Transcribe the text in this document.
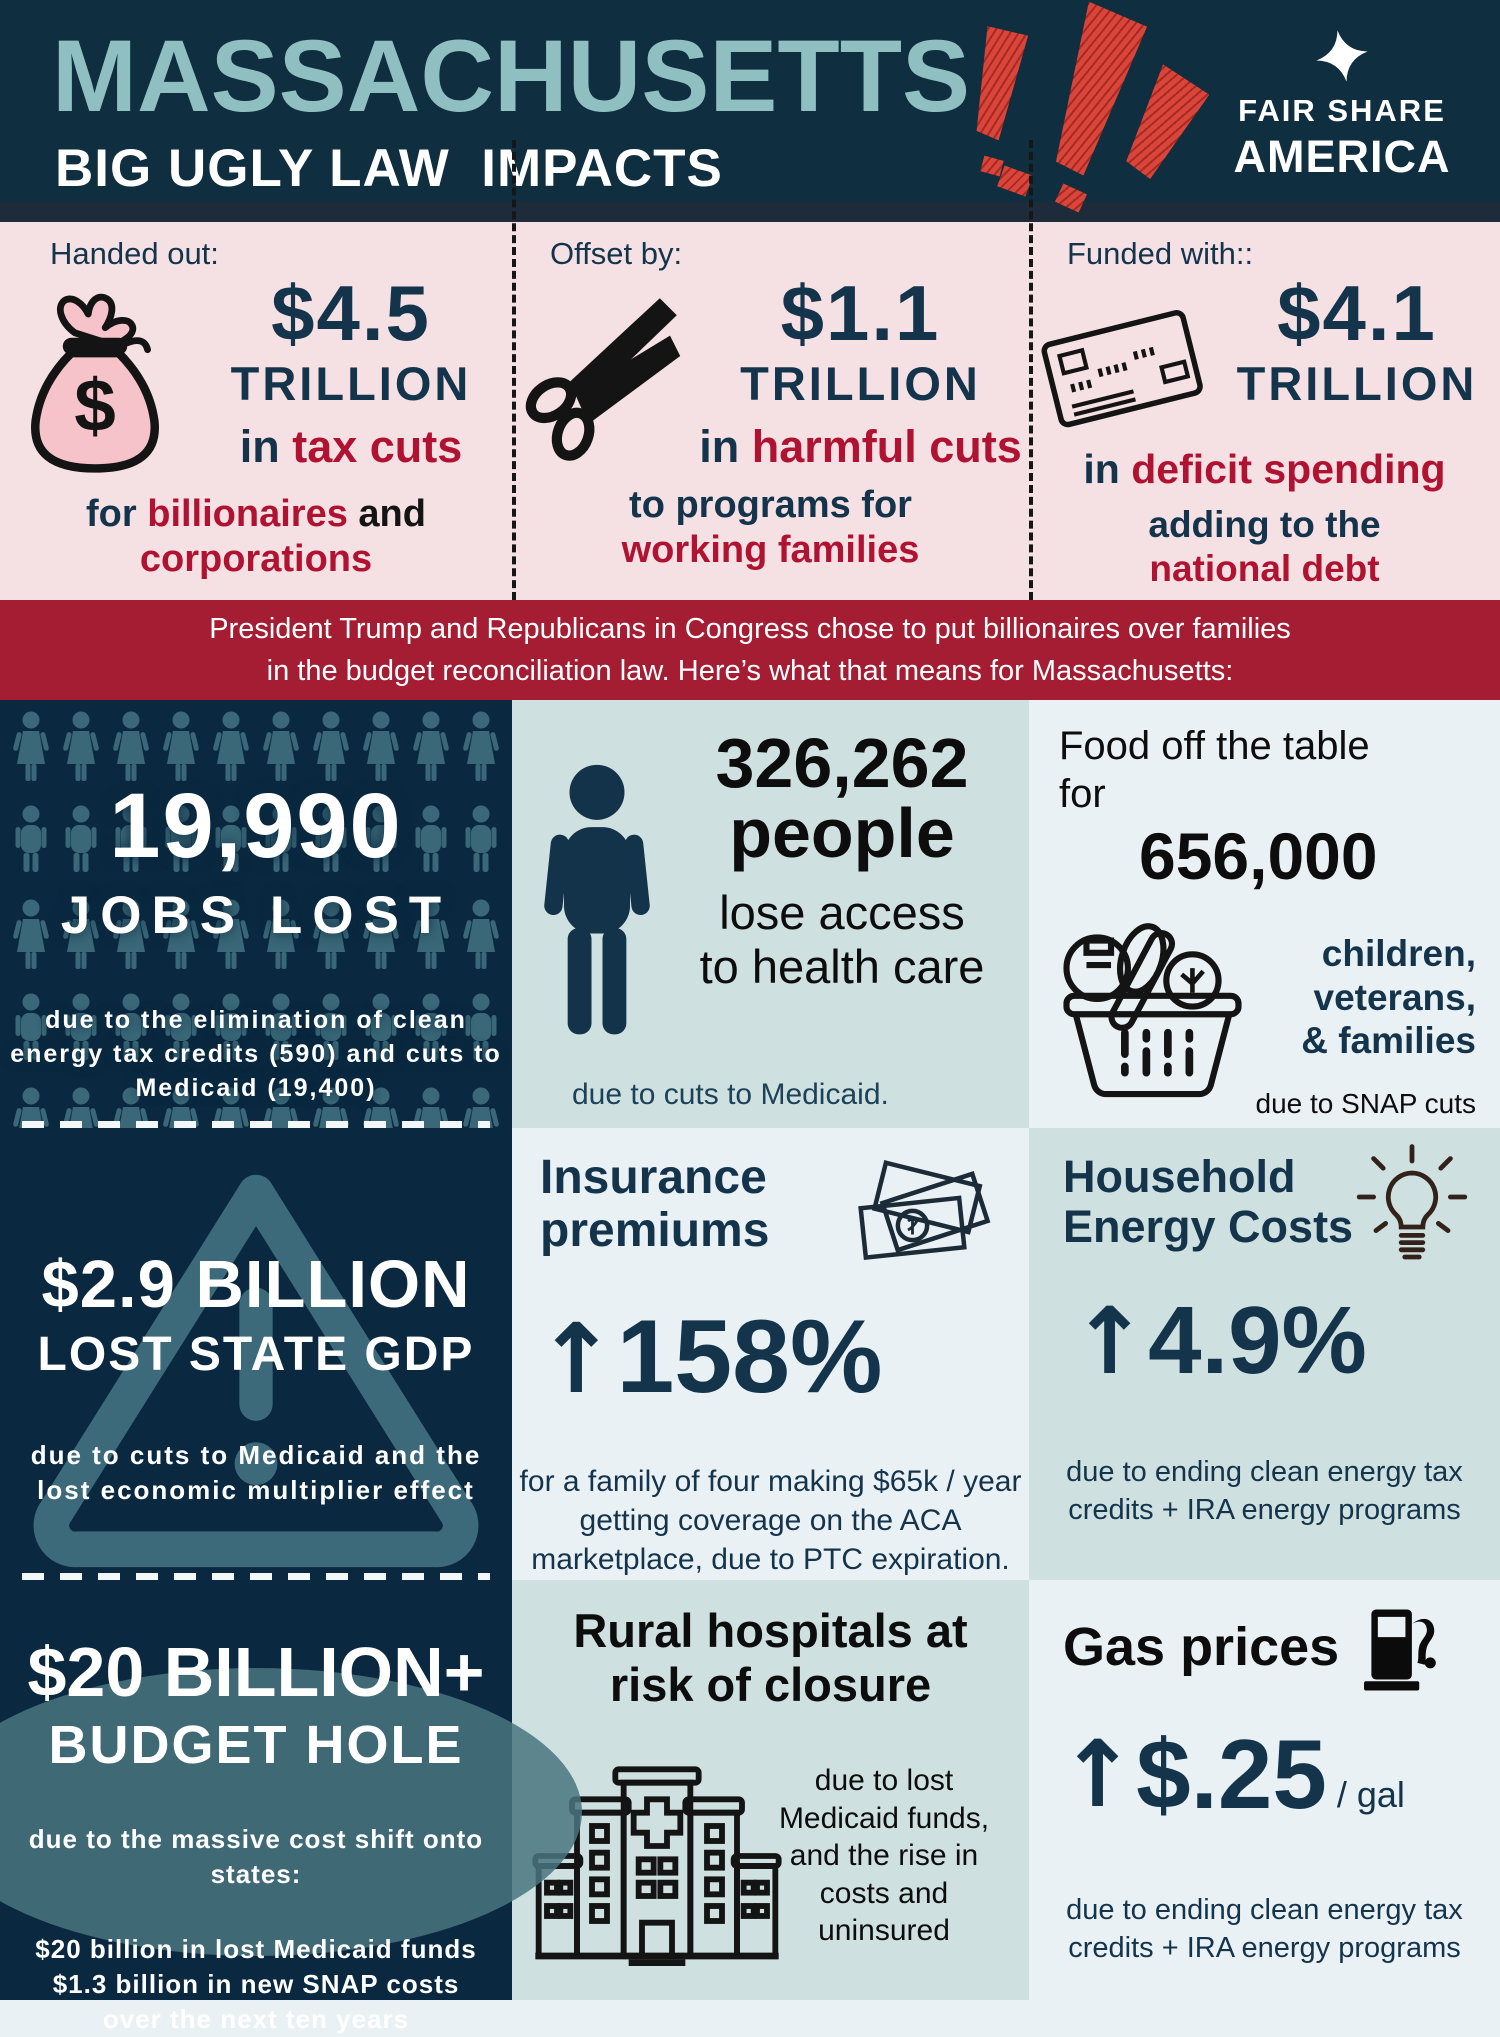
MASSACHUSETTS
BIG UGLY LAW  IMPACTS
FAIR SHARE
AMERICA
Handed out:
$
$4.5
TRILLION
in tax cuts
for billionaires and
corporations
Offset by:
$1.1
TRILLION
in harmful cuts
to programs for
working families
Funded with::
$4.1
TRILLION
in deficit spending
adding to the
national debt
President Trump and Republicans in Congress chose to put billionaires over families
in the budget reconciliation law. Here’s what that means for Massachusetts:
19,990
JOBS LOST
due to the elimination of clean energy tax credits (590) and cuts to Medicaid (19,400)
326,262
people
lose access
to health care
due to cuts to Medicaid.
Food off the table
for
656,000
children,
veterans,
& families
due to SNAP cuts
$2.9 BILLION
LOST STATE GDP
due to cuts to Medicaid and the lost economic multiplier effect
Insurance
premiums
↑158%
for a family of four making $65k / year getting coverage on the ACA marketplace, due to PTC expiration.
Household
Energy Costs
↑4.9%
due to ending clean energy tax credits + IRA energy programs
$20 BILLION+
BUDGET HOLE
due to the massive cost shift onto states:
$20 billion in lost Medicaid funds
$1.3 billion in new SNAP costs
over the next ten years
Rural hospitals at
risk of closure
due to lost Medicaid funds, and the rise in costs and uninsured
Gas prices
↑ $.25 / gal
due to ending clean energy tax credits + IRA energy programs
